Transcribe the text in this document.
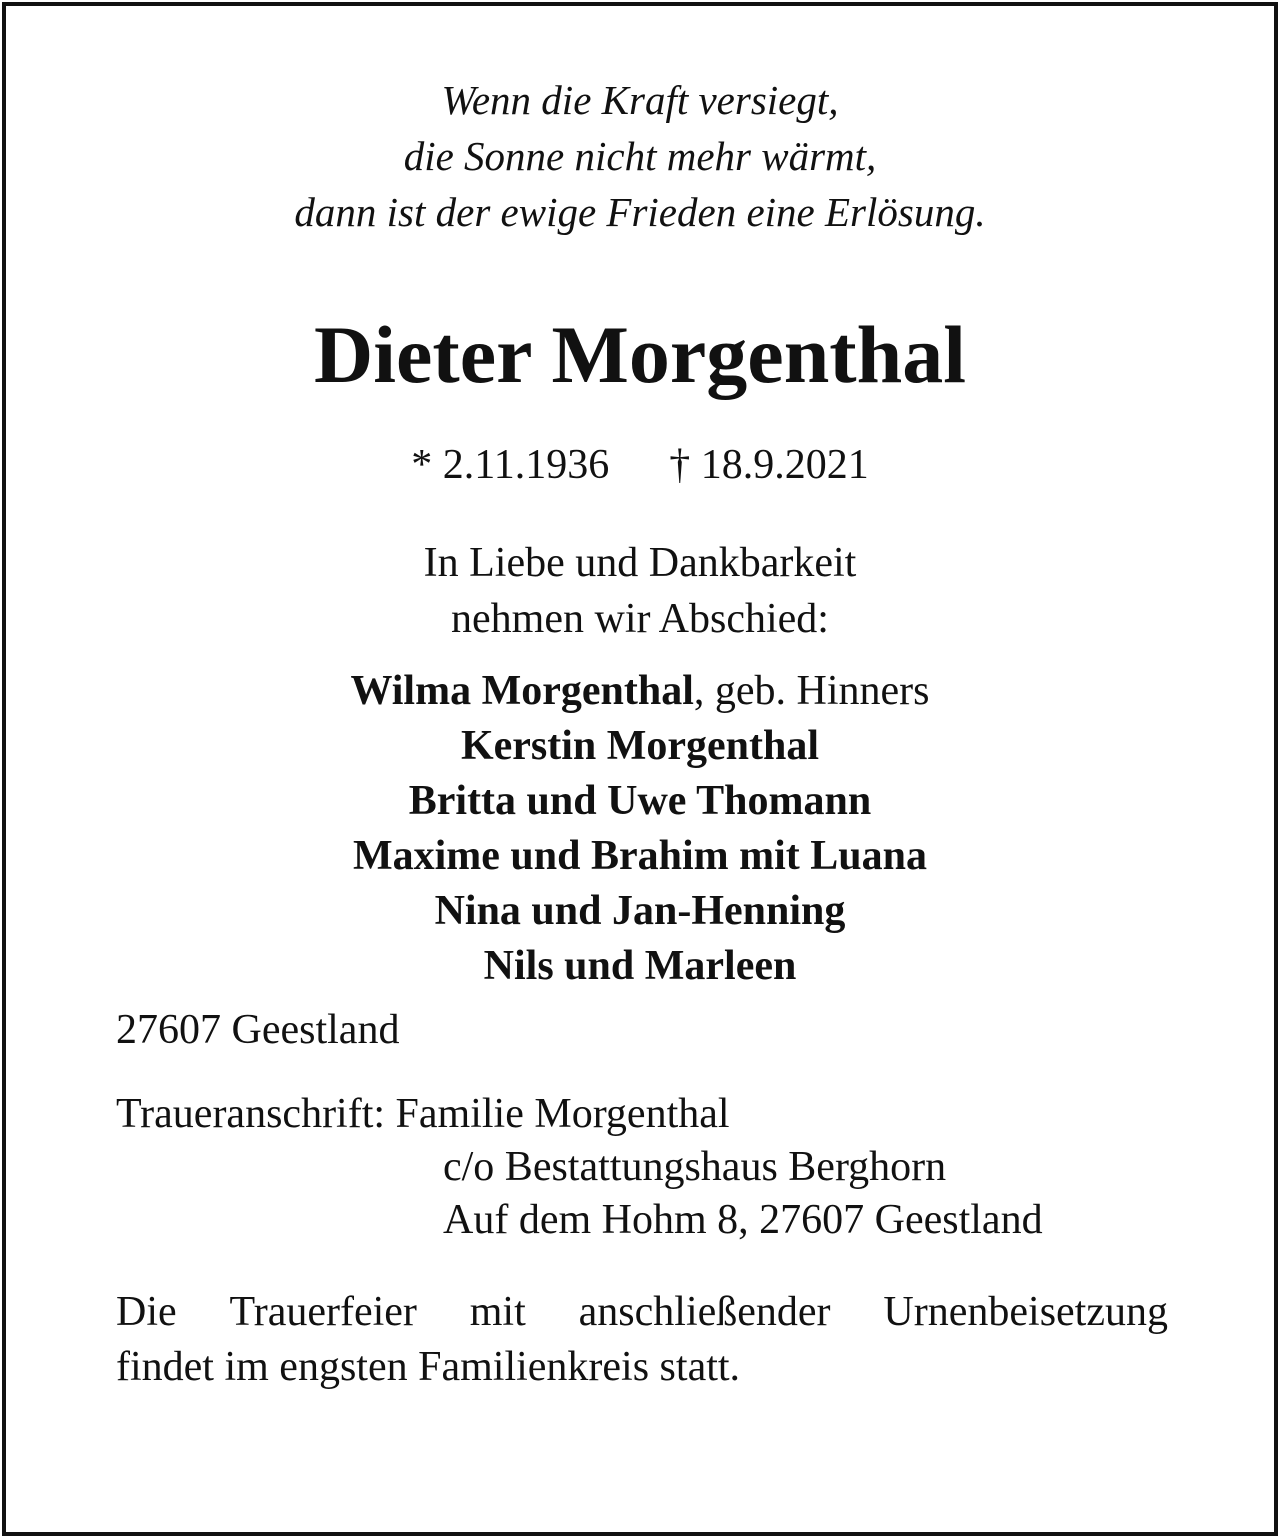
Wenn die Kraft versiegt,
die Sonne nicht mehr wärmt,
dann ist der ewige Frieden eine Erlösung.
Dieter Morgenthal
* 2.11.1936 † 18.9.2021
In Liebe und Dankbarkeit
nehmen wir Abschied:
Wilma Morgenthal, geb. Hinners
Kerstin Morgenthal
Britta und Uwe Thomann
Maxime und Brahim mit Luana
Nina und Jan-Henning
Nils und Marleen
27607 Geestland
Traueranschrift: Familie Morgenthal
c/o Bestattungshaus Berghorn
Auf dem Hohm 8, 27607 Geestland
Die Trauerfeier mit anschließender Urnenbeisetzung
findet im engsten Familienkreis statt.
